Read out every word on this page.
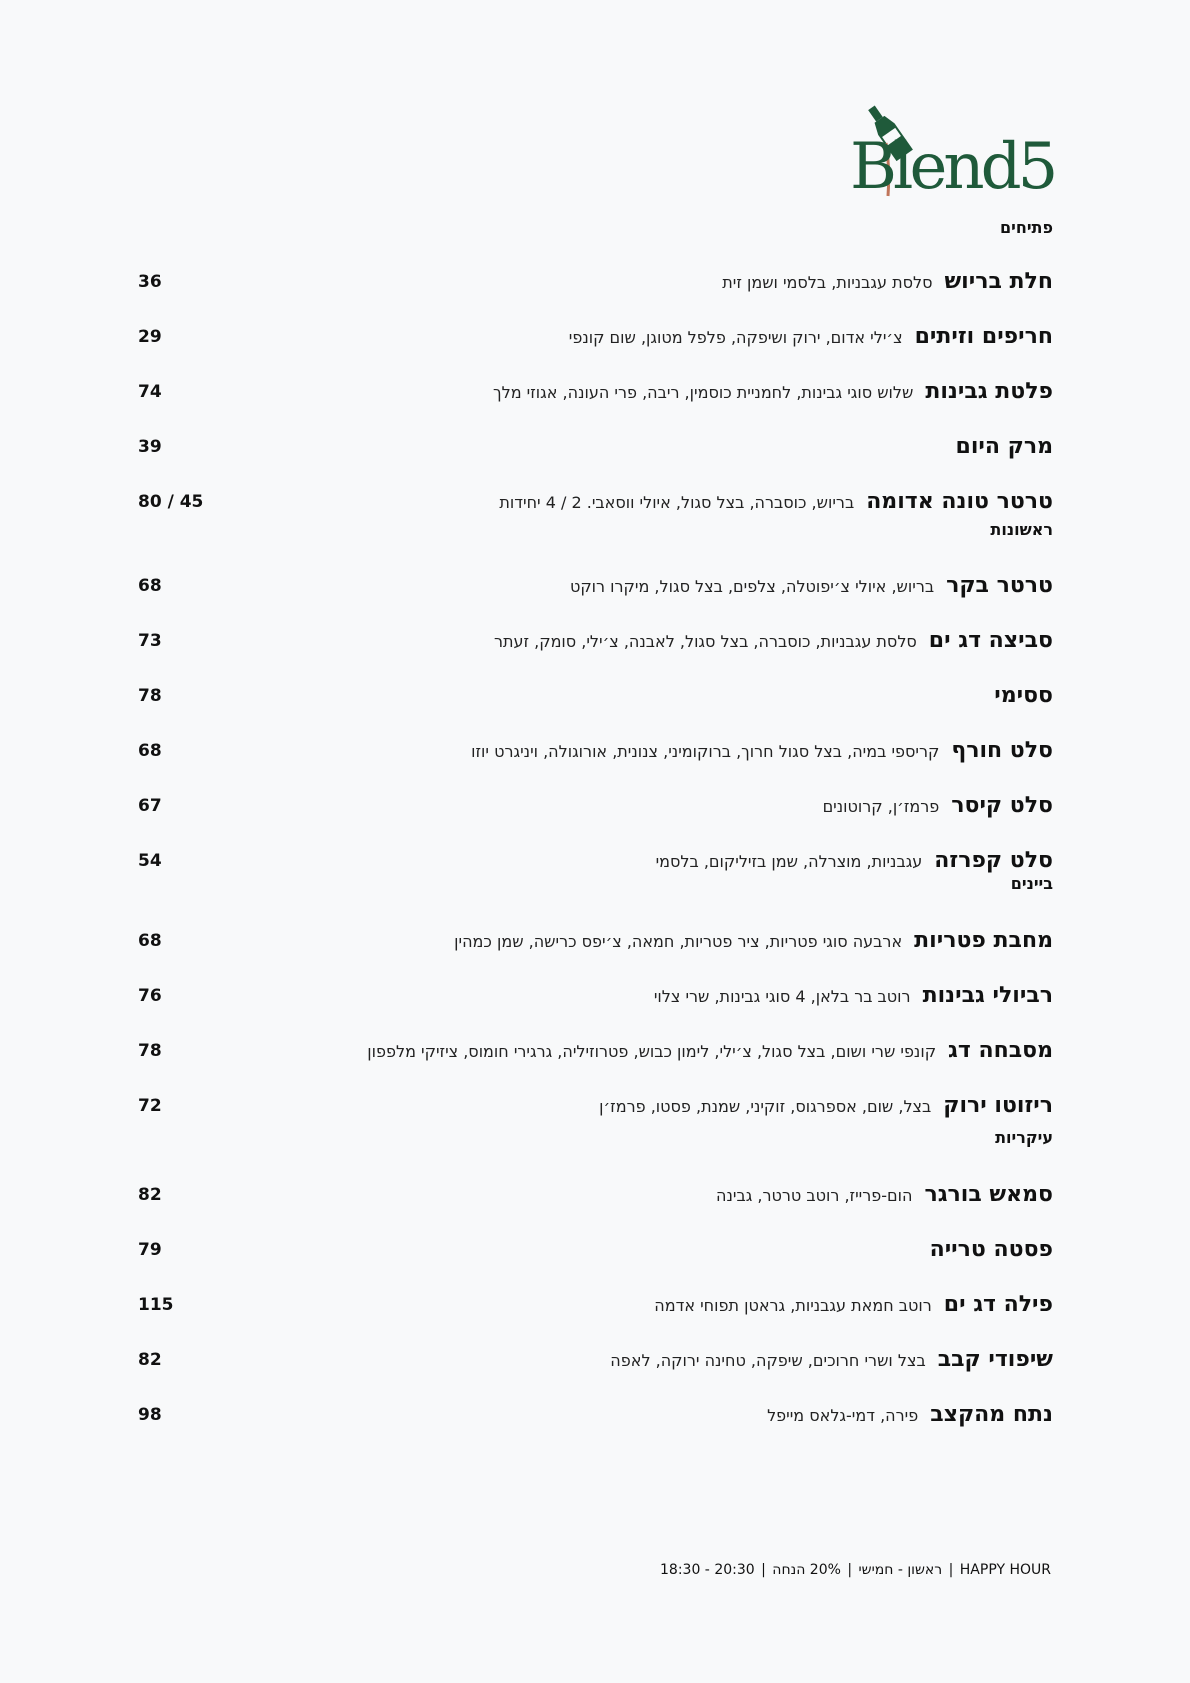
Blend5
פתיחים
חלת בריושסלסת עגבניות, בלסמי ושמן זית
36
חריפים וזיתיםצ׳ילי אדום, ירוק ושיפקה, פלפל מטוגן, שום קונפי
29
פלטת גבינותשלוש סוגי גבינות, לחמניית כוסמין, ריבה, פרי העונה, אגוזי מלך
74
מרק היום
39
טרטר טונה אדומהבריוש, כוסברה, בצל סגול, איולי ווסאבי. 2 / 4 יחידות
80 / 45
ראשונות
טרטר בקרבריוש, איולי צ׳יפוטלה, צלפים, בצל סגול, מיקרו רוקט
68
סביצה דג יםסלסת עגבניות, כוסברה, בצל סגול, לאבנה, צ׳ילי, סומק, זעתר
73
ססימי
78
סלט חורףקריספי במיה, בצל סגול חרוך, ברוקומיני, צנונית, אורוגולה, ויניגרט יוזו
68
סלט קיסרפרמז׳ן, קרוטונים
67
סלט קפרזהעגבניות, מוצרלה, שמן בזיליקום, בלסמי
54
ביינים
מחבת פטריותארבעה סוגי פטריות, ציר פטריות, חמאה, צ׳יפס כרישה, שמן כמהין
68
רביולי גבינותרוטב בר בלאן, 4 סוגי גבינות, שרי צלוי
76
מסבחה דגקונפי שרי ושום, בצל סגול, צ׳ילי, לימון כבוש, פטרוזיליה, גרגירי חומוס, ציזיקי מלפפון
78
ריזוטו ירוקבצל, שום, אספרגוס, זוקיני, שמנת, פסטו, פרמז׳ן
72
עיקריות
סמאש בורגרהום-פרייז, רוטב טרטר, גבינה
82
פסטה טרייה
79
פילה דג יםרוטב חמאת עגבניות, גראטן תפוחי אדמה
115
שיפודי קבבבצל ושרי חרוכים, שיפקה, טחינה ירוקה, לאפה
82
נתח מהקצבפירה, דמי-גלאס מייפל
98
18:30 - 20:30 |	ראשון - חמישי | 20% הנחה	| HAPPY HOUR
